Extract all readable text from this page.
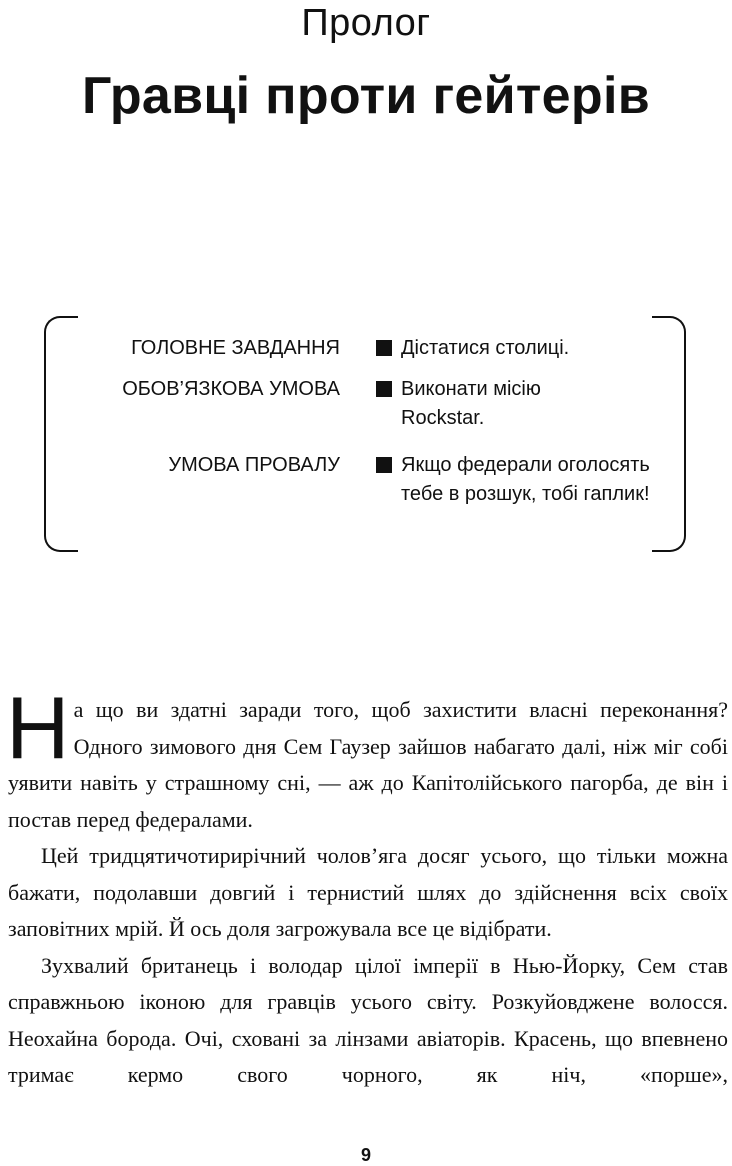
Пролог
Гравці проти гейтерів
ГОЛОВНЕ ЗАВДАННЯ	Дістатися столиці.
ОБОВ’ЯЗКОВА УМОВА	Виконати місію Rockstar.
УМОВА ПРОВАЛУ	Якщо федерали оголосять тебе в розшук, тобі гаплик!

На що ви здатні заради того, щоб захистити власні переконання? Одного зимового дня Сем Гаузер зайшов набагато далі, ніж міг собі уявити навіть у страшному сні, — аж до Капітолійського пагорба, де він і постав перед федералами.

Цей тридцятичотирирічний чолов’яга досяг усього, що тільки можна бажати, подолавши довгий і тернистий шлях до здійснення всіх своїх заповітних мрій. Й ось доля загрожувала все це відібрати.

Зухвалий британець і володар цілої імперії в Нью-Йорку, Сем став справжньою іконою для гравців усього світу. Розкуйовджене волосся. Неохайна борода. Очі, сховані за лінзами авіаторів. Красень, що впевнено тримає кермо свого чорного, як ніч, «порше»,

9
